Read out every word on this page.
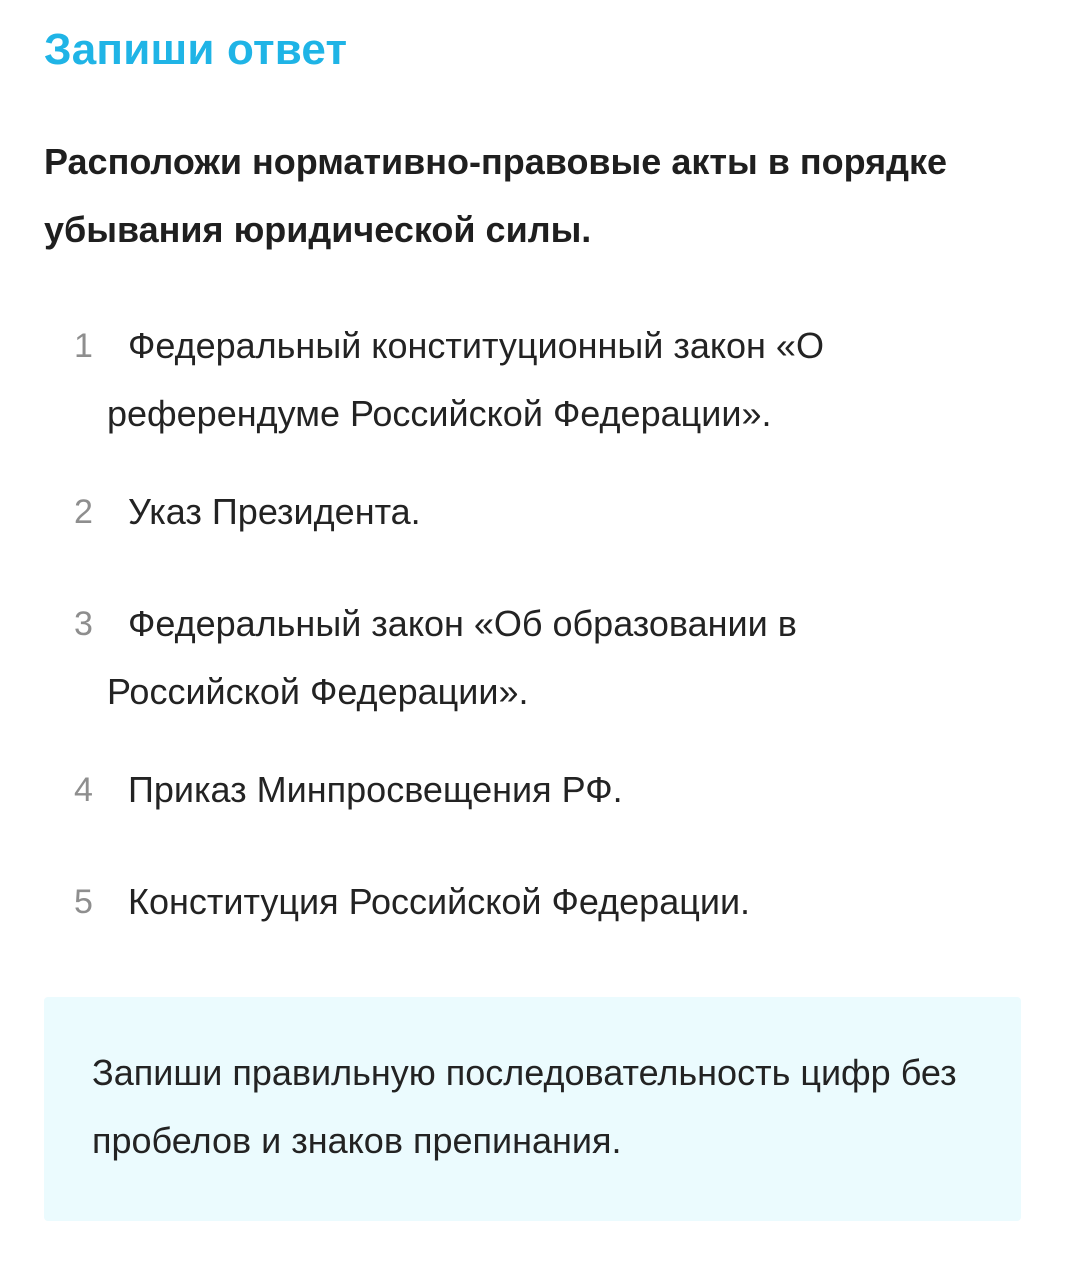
Запиши ответ
Расположи нормативно-правовые акты в порядке убывания юридической силы.
1 Федеральный конституционный закон «О референдуме Российской Федерации».
2 Указ Президента.
3 Федеральный закон «Об образовании в Российской Федерации».
4 Приказ Минпросвещения РФ.
5 Конституция Российской Федерации.
Запиши правильную последовательность цифр без пробелов и знаков препинания.
